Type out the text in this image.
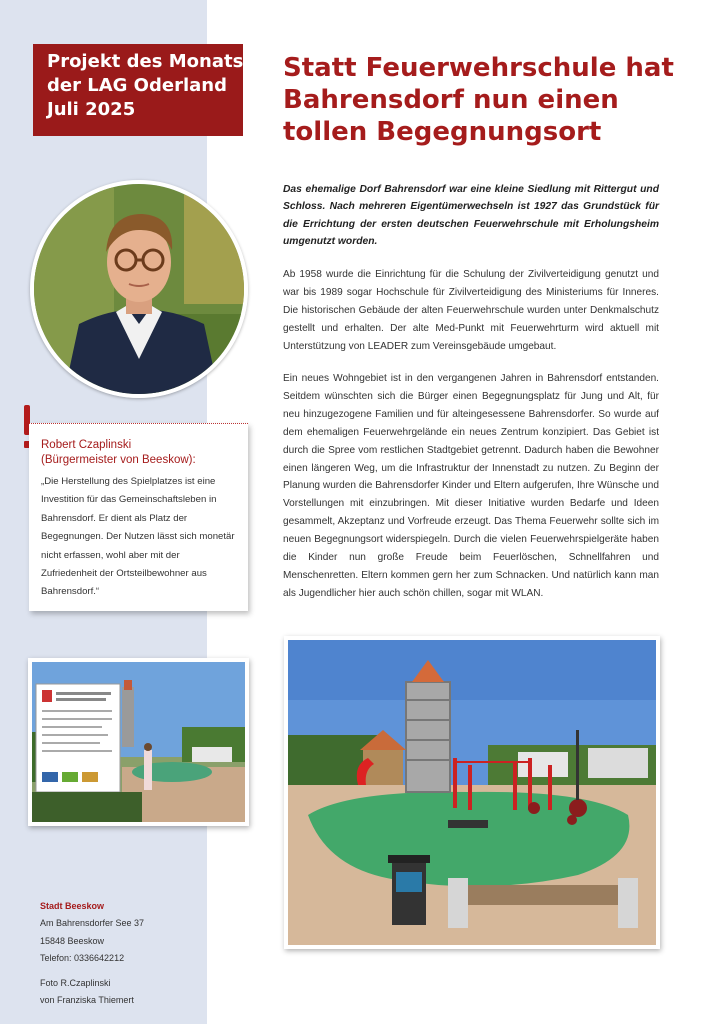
Projekt des Monats
der LAG Oderland
Juli 2025
Statt Feuerwehrschule hat
Bahrensdorf nun einen
tollen Begegnungsort
Robert Czaplinski
(Bürgermeister von Beeskow):
„Die Herstellung des Spielplatzes ist eine Investition für das Gemeinschaftsleben in Bahrensdorf. Er dient als Platz der Begegnungen. Der Nutzen lässt sich monetär nicht erfassen, wohl aber mit der Zufriedenheit der Ortsteilbewohner aus Bahrensdorf.“
Das ehemalige Dorf Bahrensdorf war eine kleine Siedlung mit Rittergut und Schloss. Nach mehreren Eigentümerwechseln ist 1927 das Grundstück für die Errichtung der ersten deutschen Feuerwehrschule mit Erholungsheim umgenutzt worden.
Ab 1958 wurde die Einrichtung für die Schulung der Zivilverteidigung genutzt und war bis 1989 sogar Hochschule für Zivilverteidigung des Ministeriums für Inneres. Die historischen Gebäude der alten Feuerwehrschule wurden unter Denkmalschutz gestellt und erhalten. Der alte Med-Punkt mit Feuerwehrturm wird aktuell mit Unterstützung von LEADER zum Vereinsgebäude umgebaut.
Ein neues Wohngebiet ist in den vergangenen Jahren in Bahrensdorf entstanden. Seitdem wünschten sich die Bürger einen Begegnungsplatz für Jung und Alt, für neu hinzugezogene Familien und für alteingesessene Bahrensdorfer. So wurde auf dem ehemaligen Feuerwehrgelände ein neues Zentrum konzipiert. Das Gebiet ist durch die Spree vom restlichen Stadtgebiet getrennt. Dadurch haben die Bewohner einen längeren Weg, um die Infrastruktur der Innenstadt zu nutzen. Zu Beginn der Planung wurden die Bahrensdorfer Kinder und Eltern aufgerufen, Ihre Wünsche und Vorstellungen mit einzubringen. Mit dieser Initiative wurden Bedarfe und Ideen gesammelt, Akzeptanz und Vorfreude erzeugt. Das Thema Feuerwehr sollte sich im neuen Begegnungsort widerspiegeln. Durch die vielen Feuerwehrspielgeräte haben die Kinder nun große Freude beim Feuerlöschen, Schnellfahren und Menschenretten. Eltern kommen gern her zum Schnacken. Und natürlich kann man als Jugendlicher hier auch schön chillen, sogar mit WLAN.
Stadt Beeskow
Am Bahrensdorfer See 37
15848 Beeskow
Telefon: 0336642212
Foto R.Czaplinski
von Franziska Thiemert
